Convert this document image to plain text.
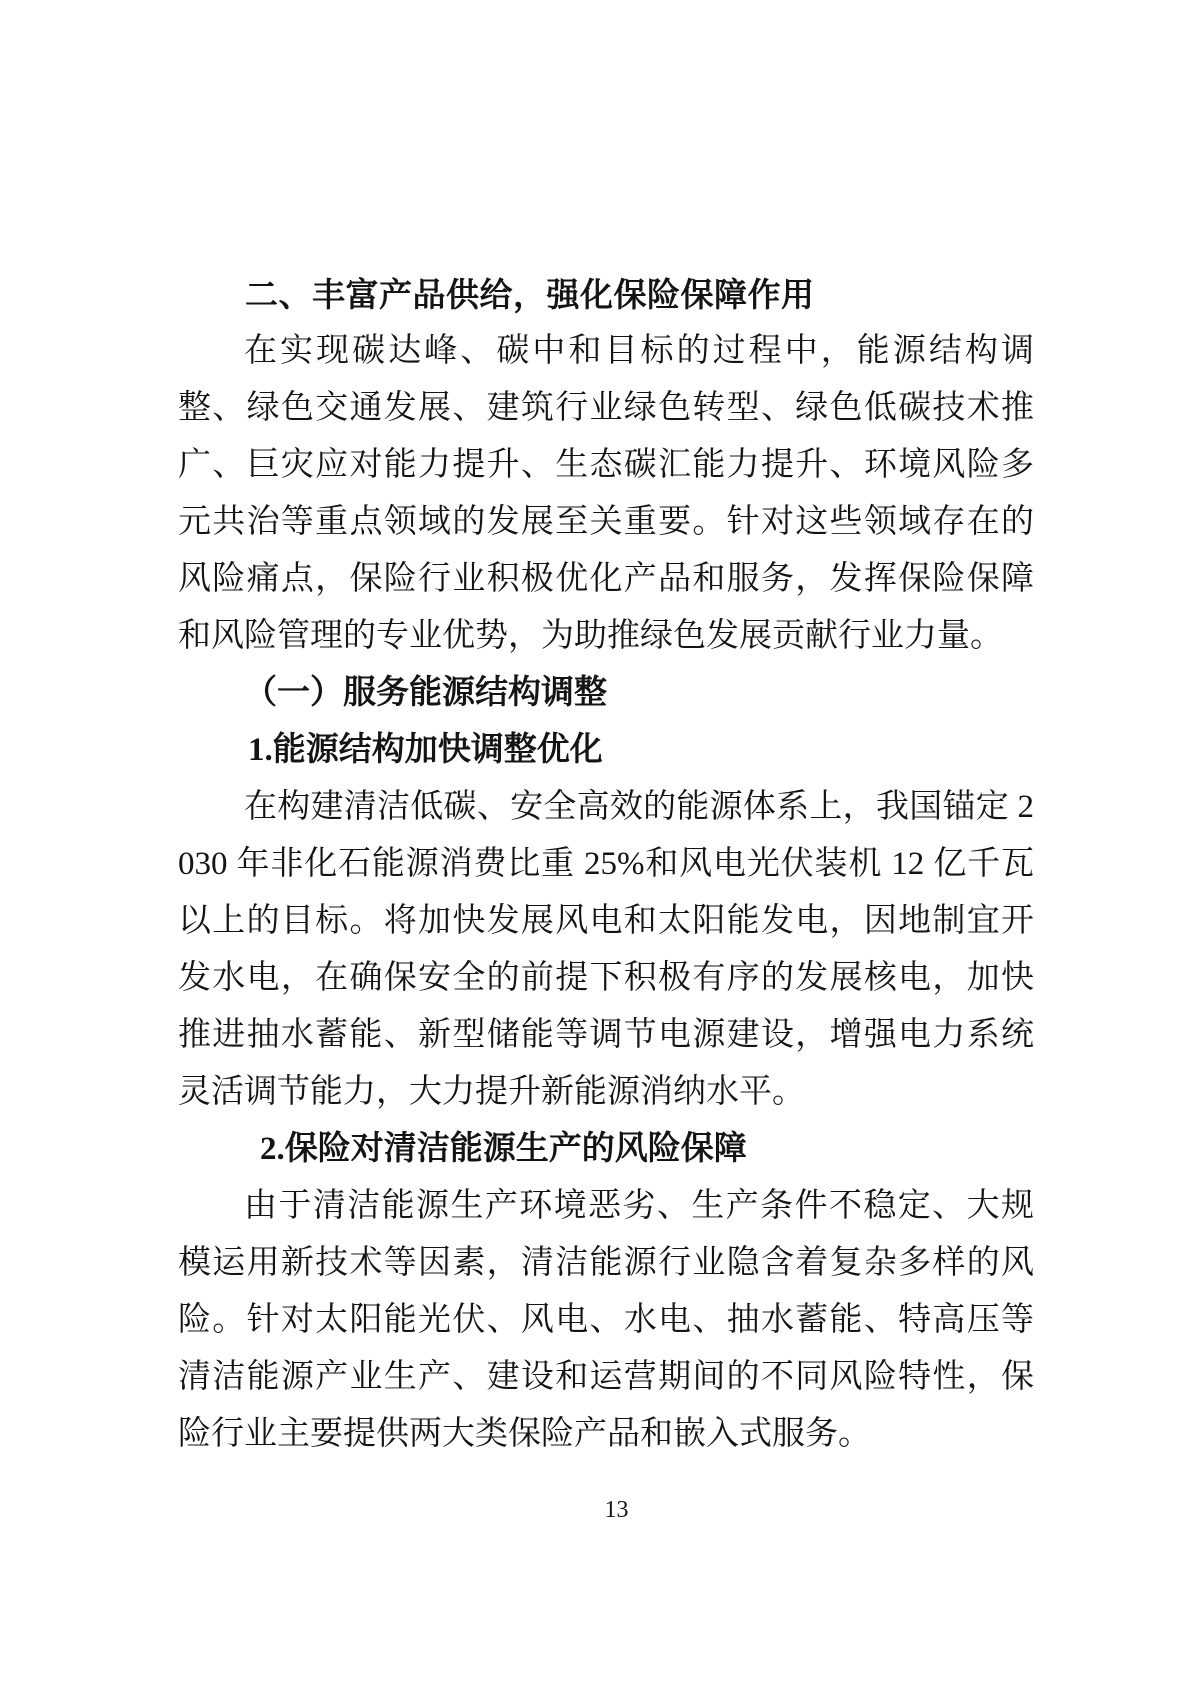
二、丰富产品供给，强化保险保障作用

在实现碳达峰、碳中和目标的过程中，能源结构调整、绿色交通发展、建筑行业绿色转型、绿色低碳技术推广、巨灾应对能力提升、生态碳汇能力提升、环境风险多元共治等重点领域的发展至关重要。针对这些领域存在的风险痛点，保险行业积极优化产品和服务，发挥保险保障和风险管理的专业优势，为助推绿色发展贡献行业力量。

（一）服务能源结构调整
1.能源结构加快调整优化

在构建清洁低碳、安全高效的能源体系上，我国锚定 2030 年非化石能源消费比重 25%和风电光伏装机 12 亿千瓦以上的目标。将加快发展风电和太阳能发电，因地制宜开发水电，在确保安全的前提下积极有序的发展核电，加快推进抽水蓄能、新型储能等调节电源建设，增强电力系统灵活调节能力，大力提升新能源消纳水平。

2.保险对清洁能源生产的风险保障

由于清洁能源生产环境恶劣、生产条件不稳定、大规模运用新技术等因素，清洁能源行业隐含着复杂多样的风险。针对太阳能光伏、风电、水电、抽水蓄能、特高压等清洁能源产业生产、建设和运营期间的不同风险特性，保险行业主要提供两大类保险产品和嵌入式服务。

13
